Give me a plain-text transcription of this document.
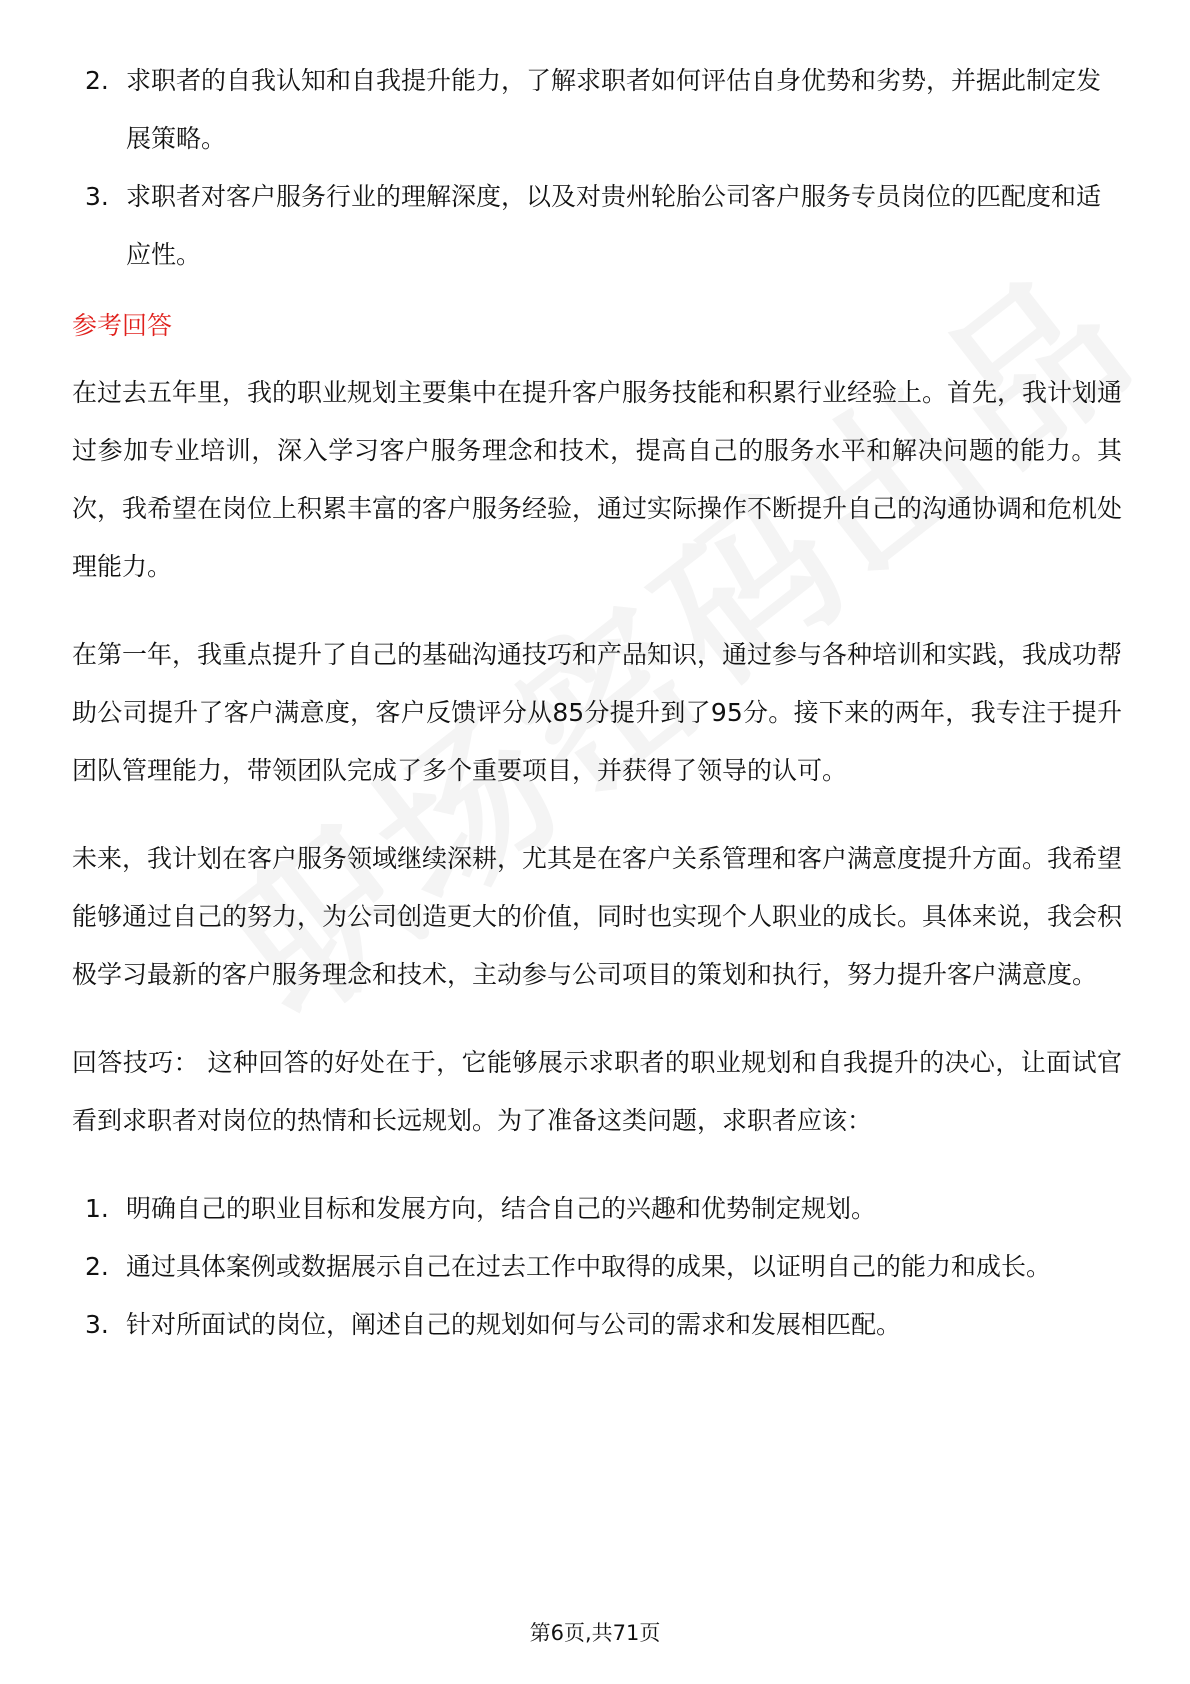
2. 求职者的自我认知和自我提升能力，了解求职者如何评估自身优势和劣势，并据此制定发展策略。
3. 求职者对客户服务行业的理解深度，以及对贵州轮胎公司客户服务专员岗位的匹配度和适应性。
参考回答

在过去五年里，我的职业规划主要集中在提升客户服务技能和积累行业经验上。首先，我计划通过参加专业培训，深入学习客户服务理念和技术，提高自己的服务水平和解决问题的能力。其次，我希望在岗位上积累丰富的客户服务经验，通过实际操作不断提升自己的沟通协调和危机处理能力。

在第一年，我重点提升了自己的基础沟通技巧和产品知识，通过参与各种培训和实践，我成功帮助公司提升了客户满意度，客户反馈评分从85分提升到了95分。接下来的两年，我专注于提升团队管理能力，带领团队完成了多个重要项目，并获得了领导的认可。

未来，我计划在客户服务领域继续深耕，尤其是在客户关系管理和客户满意度提升方面。我希望能够通过自己的努力，为公司创造更大的价值，同时也实现个人职业的成长。具体来说，我会积极学习最新的客户服务理念和技术，主动参与公司项目的策划和执行，努力提升客户满意度。

回答技巧： 这种回答的好处在于，它能够展示求职者的职业规划和自我提升的决心，让面试官看到求职者对岗位的热情和长远规划。为了准备这类问题，求职者应该：

1. 明确自己的职业目标和发展方向，结合自己的兴趣和优势制定规划。
2. 通过具体案例或数据展示自己在过去工作中取得的成果，以证明自己的能力和成长。
3. 针对所面试的岗位，阐述自己的规划如何与公司的需求和发展相匹配。
第6页,共71页
